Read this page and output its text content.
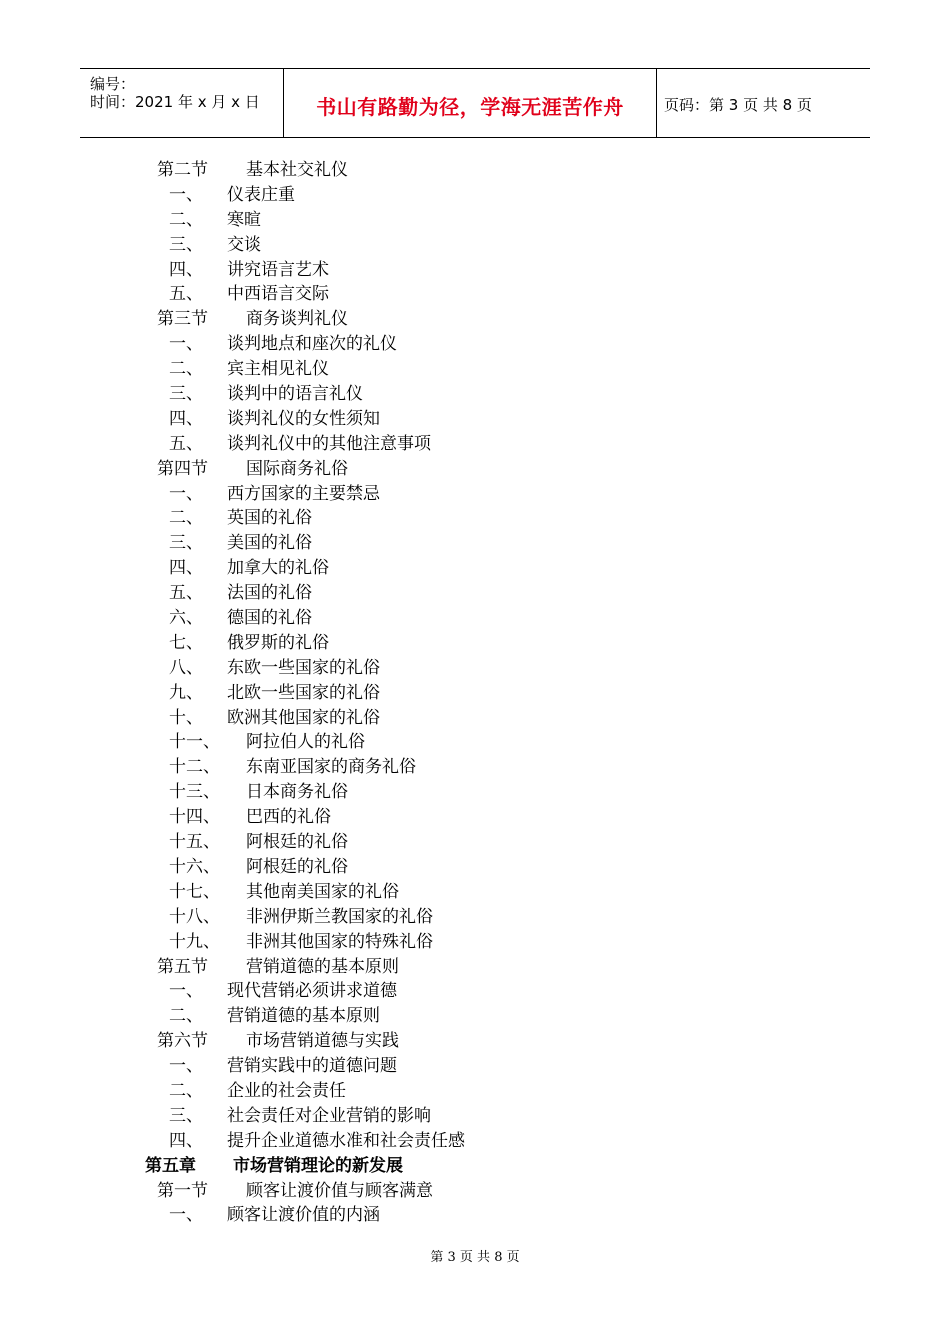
编号：
时间：2021 年 x 月 x 日	书山有路勤为径，学海无涯苦作舟	页码：第 3 页 共 8 页
第二节 基本社交礼仪
一、 仪表庄重
二、 寒暄
三、 交谈
四、 讲究语言艺术
五、 中西语言交际
第三节 商务谈判礼仪
一、 谈判地点和座次的礼仪
二、 宾主相见礼仪
三、 谈判中的语言礼仪
四、 谈判礼仪的女性须知
五、 谈判礼仪中的其他注意事项
第四节 国际商务礼俗
一、 西方国家的主要禁忌
二、 英国的礼俗
三、 美国的礼俗
四、 加拿大的礼俗
五、 法国的礼俗
六、 德国的礼俗
七、 俄罗斯的礼俗
八、 东欧一些国家的礼俗
九、 北欧一些国家的礼俗
十、 欧洲其他国家的礼俗
十一、 阿拉伯人的礼俗
十二、 东南亚国家的商务礼俗
十三、 日本商务礼俗
十四、 巴西的礼俗
十五、 阿根廷的礼俗
十六、 阿根廷的礼俗
十七、 其他南美国家的礼俗
十八、 非洲伊斯兰教国家的礼俗
十九、 非洲其他国家的特殊礼俗
第五节 营销道德的基本原则
一、 现代营销必须讲求道德
二、 营销道德的基本原则
第六节 市场营销道德与实践
一、 营销实践中的道德问题
二、 企业的社会责任
三、 社会责任对企业营销的影响
四、 提升企业道德水准和社会责任感
第五章 市场营销理论的新发展
第一节 顾客让渡价值与顾客满意
一、 顾客让渡价值的内涵
第 3 页 共 8 页
